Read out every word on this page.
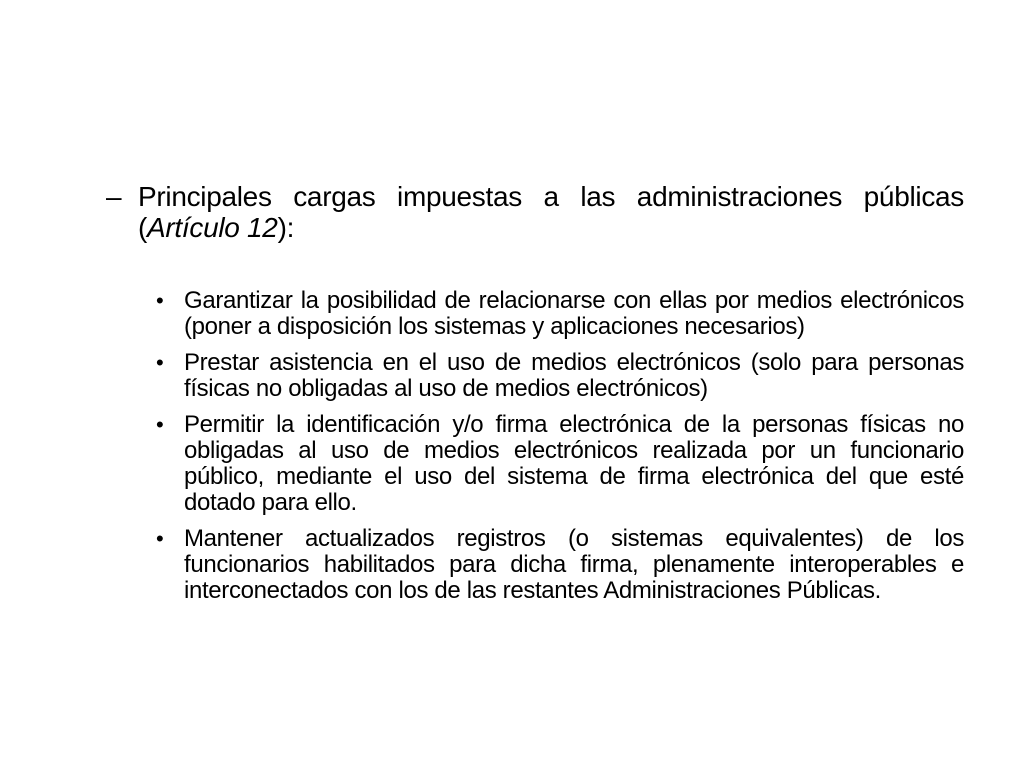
– Principales cargas impuestas a las administraciones públicas (Artículo 12):
• Garantizar la posibilidad de relacionarse con ellas por medios electrónicos (poner a disposición los sistemas y aplicaciones necesarios)
• Prestar asistencia en el uso de medios electrónicos (solo para personas físicas no obligadas al uso de medios electrónicos)
• Permitir la identificación y/o firma electrónica de la personas físicas no obligadas al uso de medios electrónicos realizada por un funcionario público, mediante el uso del sistema de firma electrónica del que esté dotado para ello.
• Mantener actualizados registros (o sistemas equivalentes) de los funcionarios habilitados para dicha firma, plenamente interoperables e interconectados con los de las restantes Administraciones Públicas.
